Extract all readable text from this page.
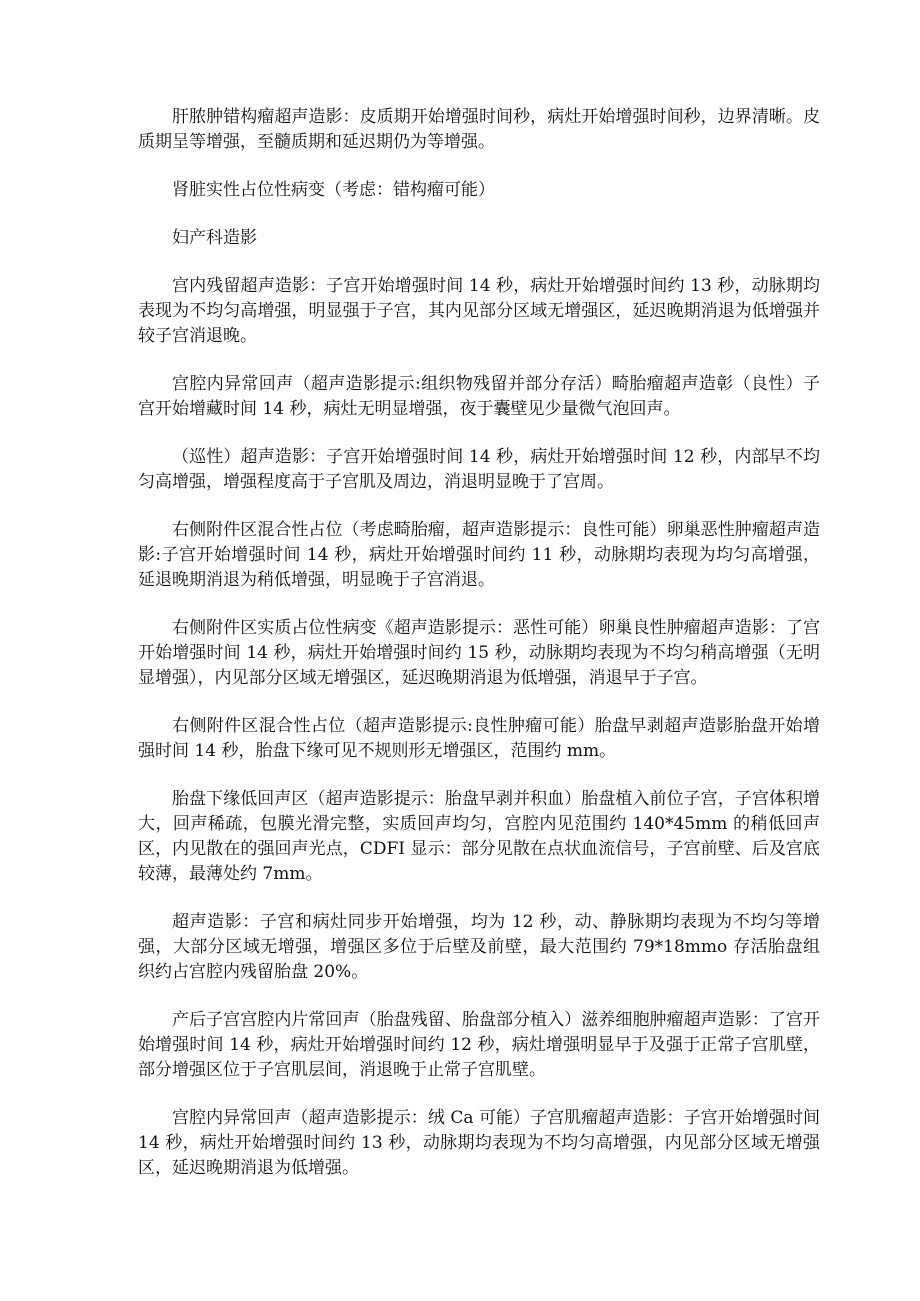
肝脓肿错构瘤超声造影：皮质期开始增强时间秒，病灶开始增强时间秒，边界清晰。皮质期呈等增强，至髓质期和延迟期仍为等增强。

肾脏实性占位性病变（考虑：错构瘤可能）

妇产科造影

宫内残留超声造影：子宫开始增强时间 14 秒，病灶开始增强时间约 13 秒，动脉期均表现为不均匀高增强，明显强于子宫，其内见部分区域无增强区，延迟晚期消退为低增强并较子宫消退晚。

宫腔内异常回声（超声造影提示:组织物残留并部分存活）畸胎瘤超声造彰（良性）子宫开始增藏时间 14 秒，病灶无明显增强，夜于囊壁见少量微气泡回声。

（巡性）超声造影：子宫开始增强时间 14 秒，病灶开始增强时间 12 秒，内部早不均匀高增强，增强程度高于子宫肌及周边，消退明显晚于了宫周。

右侧附件区混合性占位（考虑畸胎瘤，超声造影提示：良性可能）卵巢恶性肿瘤超声造影:子宫开始增强时间 14 秒，病灶开始增强时间约 11 秒，动脉期均表现为均匀高增强，延退晚期消退为稍低增强，明显晚于子宫消退。

右侧附件区实质占位性病变《超声造影提示：恶性可能）卵巢良性肿瘤超声造影：了宫开始增强时间 14 秒，病灶开始增强时间约 15 秒，动脉期均表现为不均匀稍高增强（无明显增强），内见部分区域无增强区，延迟晚期消退为低增强，消退早于子宫。

右侧附件区混合性占位（超声造影提示:良性肿瘤可能）胎盘早剥超声造影胎盘开始增强时间 14 秒，胎盘下缘可见不规则形无增强区，范围约 mm。

胎盘下缘低回声区（超声造影提示：胎盘早剥并积血）胎盘植入前位子宫，子宫体积增大，回声稀疏，包膜光滑完整，实质回声均匀，宫腔内见范围约 140*45mm 的稍低回声区，内见散在的强回声光点，CDFI 显示：部分见散在点状血流信号，子宫前壁、后及宫底较薄，最薄处约 7mm。

超声造影：子宫和病灶同步开始增强，均为 12 秒，动、静脉期均表现为不均匀等增强，大部分区域无增强，增强区多位于后壁及前壁，最大范围约 79*18mmo 存活胎盘组织约占宫腔内残留胎盘 20%。

产后子宫宫腔内片常回声（胎盘残留、胎盘部分植入）滋养细胞肿瘤超声造影：了宫开始增强时间 14 秒，病灶开始增强时间约 12 秒，病灶增强明显早于及强于正常子宫肌壁，部分增强区位于子宫肌层间，消退晚于止常子宫肌壁。

宫腔内异常回声（超声造影提示：绒 Ca 可能）子宫肌瘤超声造影：子宫开始增强时间 14 秒，病灶开始增强时间约 13 秒，动脉期均表现为不均匀高增强，内见部分区域无增强区，延迟晚期消退为低增强。
